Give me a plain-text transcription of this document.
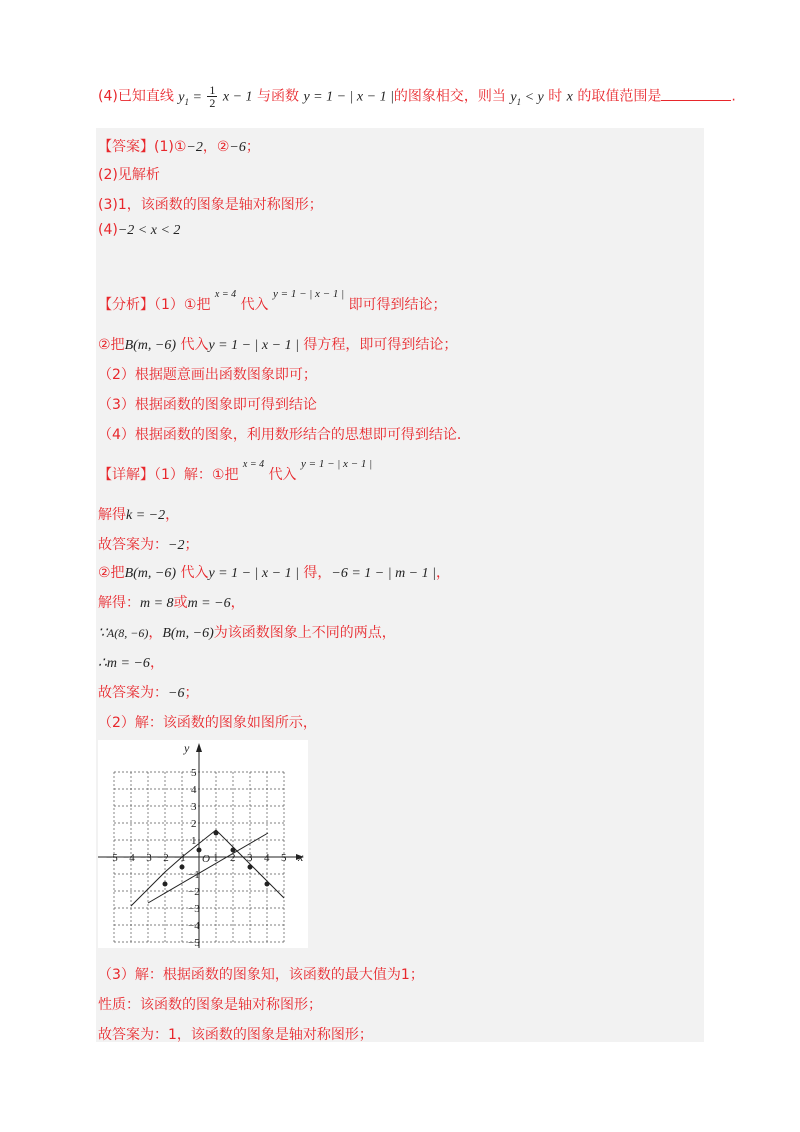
(4)已知直线 $y_1 = \frac{1}{2}$ x − 1 与函数 y = 1 − | x − 1 |的图象相交，则当 $y_1 < y$ 时 x 的取值范围是	.
【答案】(1)①−2，②−6；
(2)见解析
(3)1，该函数的图象是轴对称图形；
(4)−2 < x < 2
【分析】（1）①把 $^{x = 4}$ 代入 $^{y = 1 - | x - 1 |}$ 即可得到结论；
②把B(m, −6) 代入y = 1 − | x − 1 | 得方程，即可得到结论；
（2）根据题意画出函数图象即可；
（3）根据函数的图象即可得到结论
（4）根据函数的图象，利用数形结合的思想即可得到结论．
【详解】（1）解：①把 $^{x = 4}$ 代入 $^{y = 1 - | x - 1 |}$
解得k = −2，
故答案为：−2；
②把B(m, −6) 代入y = 1 − | x − 1 | 得，−6 = 1 − | m − 1 |，
解得：m = 8或m = −6，
∵A(8, −6)，B(m, −6)为该函数图象上不同的两点，
∴m = −6，
故答案为：−6；
（2）解：该函数的图象如图所示，
x
y
O
−5 −4 −3 −2 −1 1 2 3 4 5
5
4
3
2
1
−1
−2
−3
−4
−5
（3）解：根据函数的图象知，该函数的最大值为1；
性质：该函数的图象是轴对称图形；
故答案为：1，该函数的图象是轴对称图形；
